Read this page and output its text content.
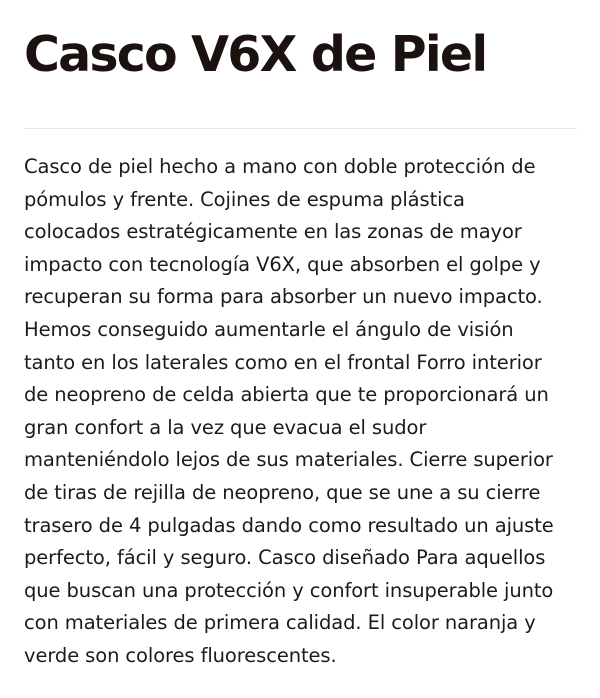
Casco V6X de Piel

Casco de piel hecho a mano con doble protección de
pómulos y frente. Cojines de espuma plástica
colocados estratégicamente en las zonas de mayor
impacto con tecnología V6X, que absorben el golpe y
recuperan su forma para absorber un nuevo impacto.
Hemos conseguido aumentarle el ángulo de visión
tanto en los laterales como en el frontal Forro interior
de neopreno de celda abierta que te proporcionará un
gran confort a la vez que evacua el sudor
manteniéndolo lejos de sus materiales. Cierre superior
de tiras de rejilla de neopreno, que se une a su cierre
trasero de 4 pulgadas dando como resultado un ajuste
perfecto, fácil y seguro. Casco diseñado Para aquellos
que buscan una protección y confort insuperable junto
con materiales de primera calidad. El color naranja y
verde son colores fluorescentes.
